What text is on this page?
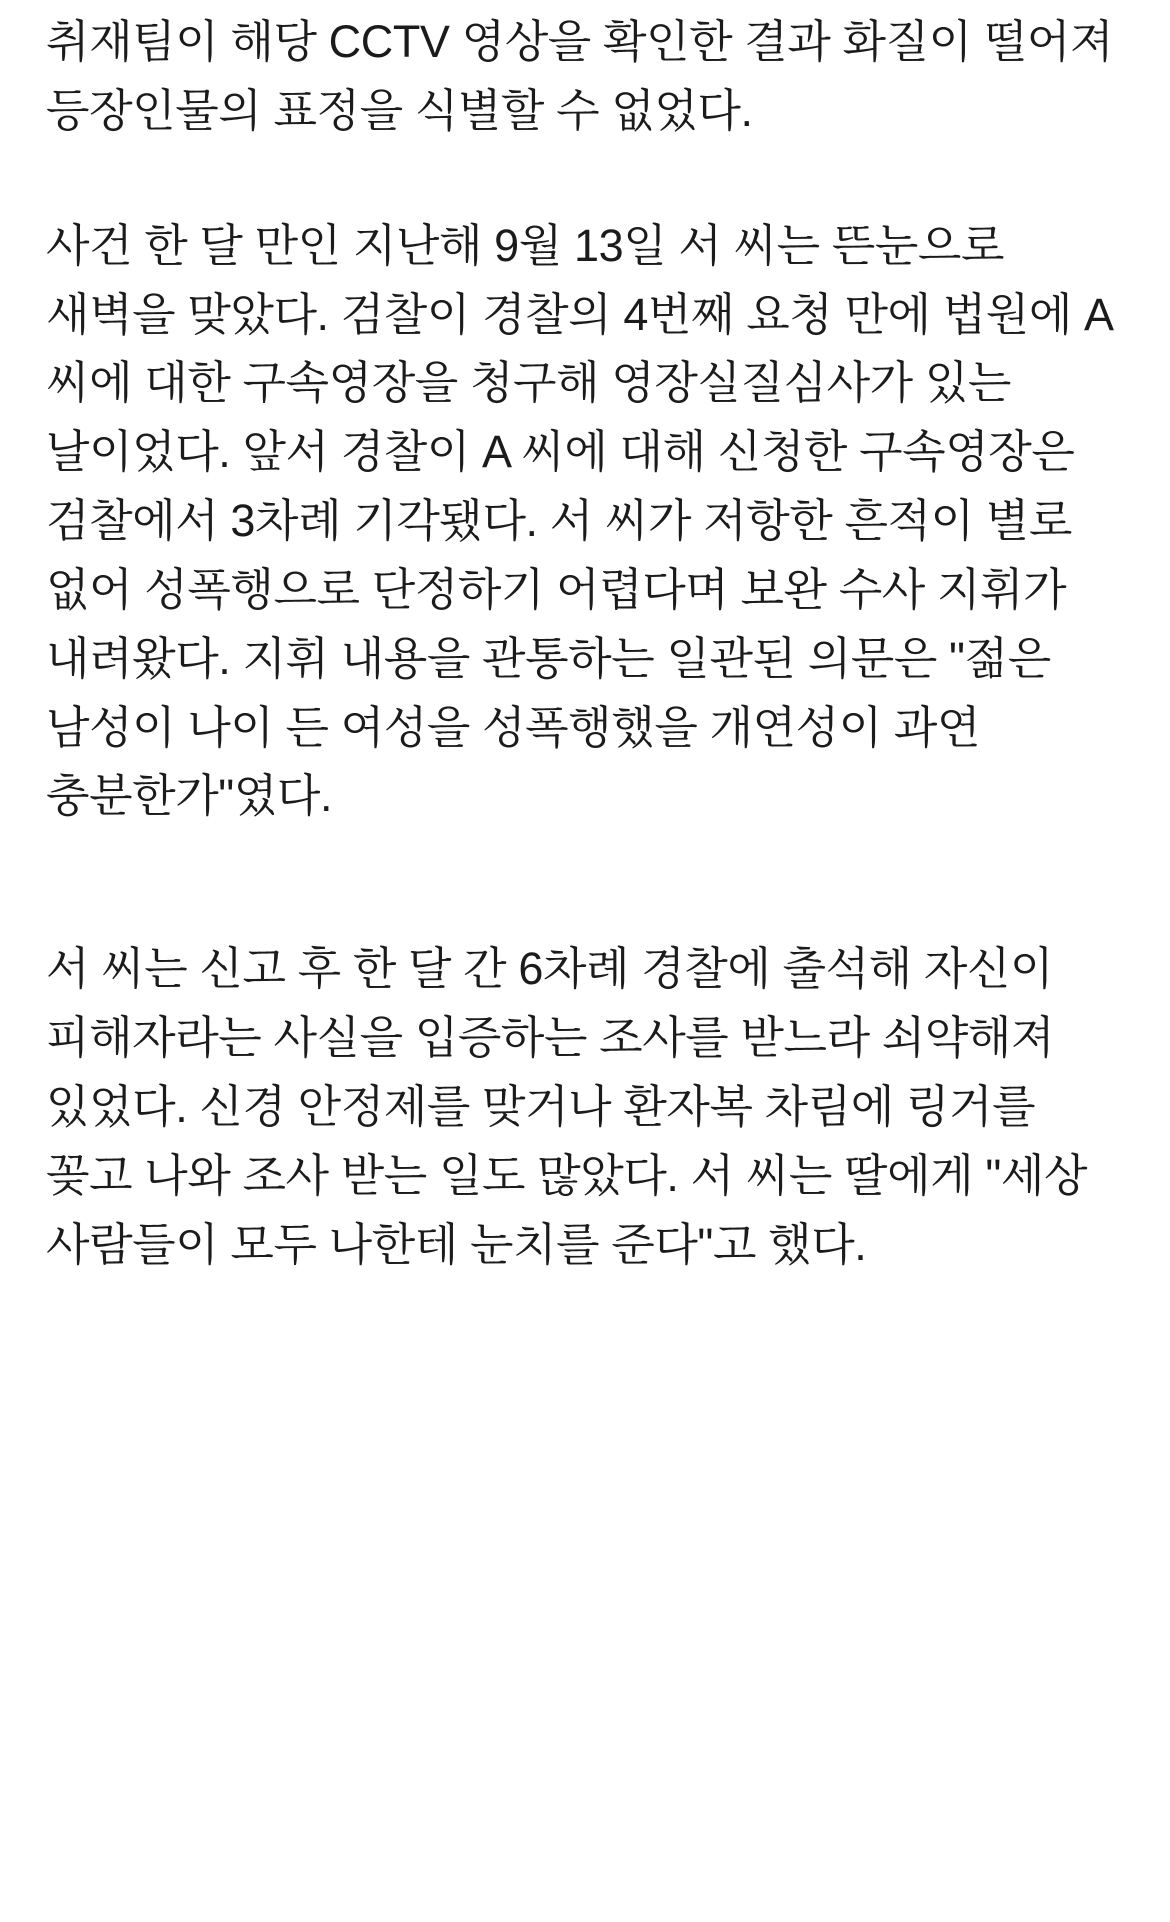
취재팀이 해당 CCTV 영상을 확인한 결과 화질이 떨어져 등장인물의 표정을 식별할 수 없었다.

사건 한 달 만인 지난해 9월 13일 서 씨는 뜬눈으로 새벽을 맞았다. 검찰이 경찰의 4번째 요청 만에 법원에 A 씨에 대한 구속영장을 청구해 영장실질심사가 있는 날이었다. 앞서 경찰이 A 씨에 대해 신청한 구속영장은 검찰에서 3차례 기각됐다. 서 씨가 저항한 흔적이 별로 없어 성폭행으로 단정하기 어렵다며 보완 수사 지휘가 내려왔다. 지휘 내용을 관통하는 일관된 의문은 "젊은 남성이 나이 든 여성을 성폭행했을 개연성이 과연 충분한가"였다.

서 씨는 신고 후 한 달 간 6차례 경찰에 출석해 자신이 피해자라는 사실을 입증하는 조사를 받느라 쇠약해져 있었다. 신경 안정제를 맞거나 환자복 차림에 링거를 꽂고 나와 조사 받는 일도 많았다. 서 씨는 딸에게 "세상 사람들이 모두 나한테 눈치를 준다"고 했다.
